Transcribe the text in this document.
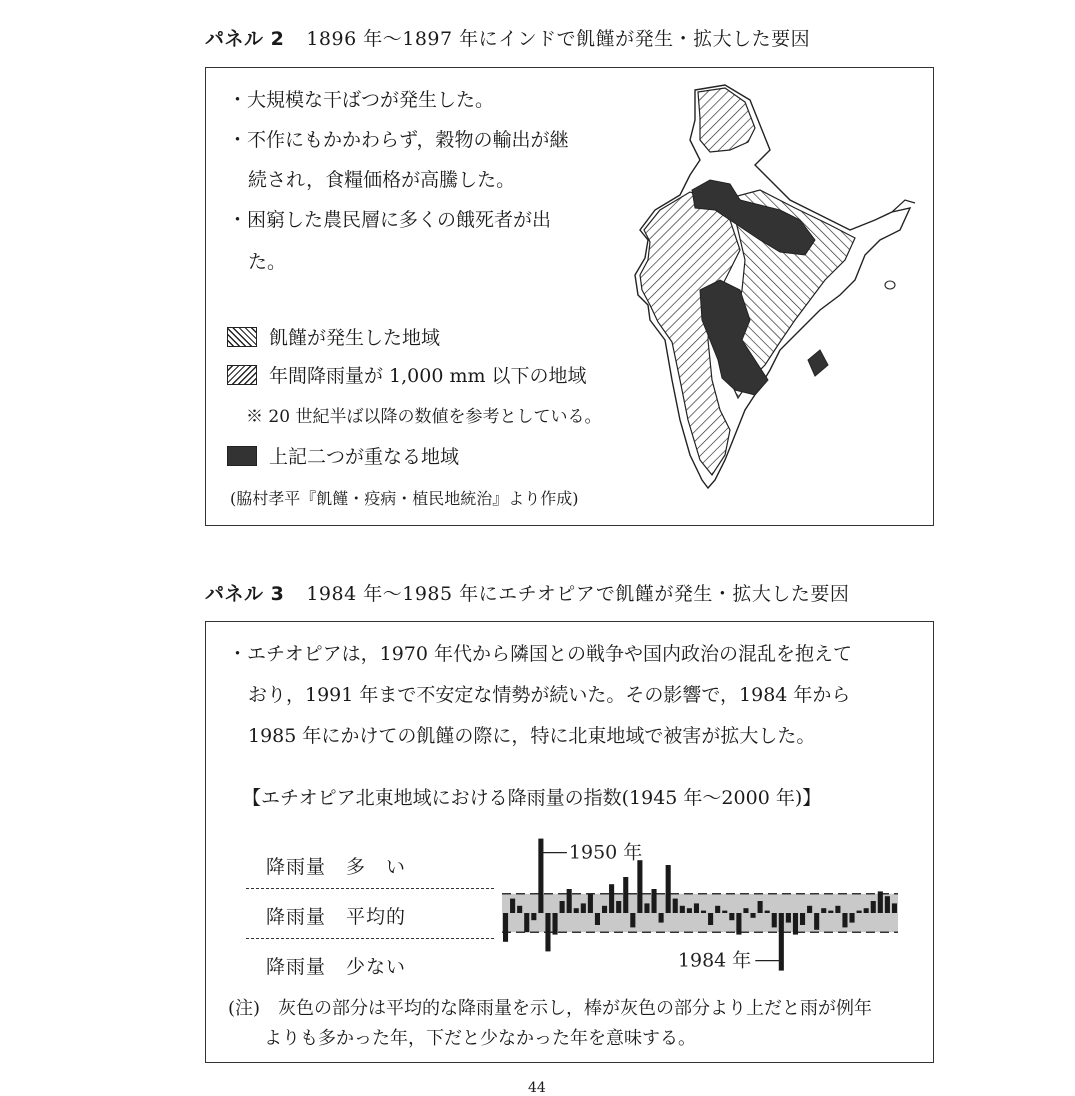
パネル 2 1896 年～1897 年にインドで飢饉が発生・拡大した要因
・大規模な干ばつが発生した。
・不作にもかかわらず，穀物の輸出が継
続され，食糧価格が高騰した。
・困窮した農民層に多くの餓死者が出
た。
飢饉が発生した地域
年間降雨量が 1,000 mm 以下の地域
※ 20 世紀半ば以降の数値を参考としている。
上記二つが重なる地域
(脇村孝平『飢饉・疫病・植民地統治』より作成)
パネル 3 1984 年～1985 年にエチオピアで飢饉が発生・拡大した要因
・エチオピアは，1970 年代から隣国との戦争や国内政治の混乱を抱えて
おり，1991 年まで不安定な情勢が続いた。その影響で，1984 年から
1985 年にかけての飢饉の際に，特に北東地域で被害が拡大した。
【エチオピア北東地域における降雨量の指数(1945 年～2000 年)】
降雨量　多　い
降雨量　平均的
降雨量　少ない
1950 年
1984 年
(注)　灰色の部分は平均的な降雨量を示し，棒が灰色の部分より上だと雨が例年
よりも多かった年，下だと少なかった年を意味する。
44
